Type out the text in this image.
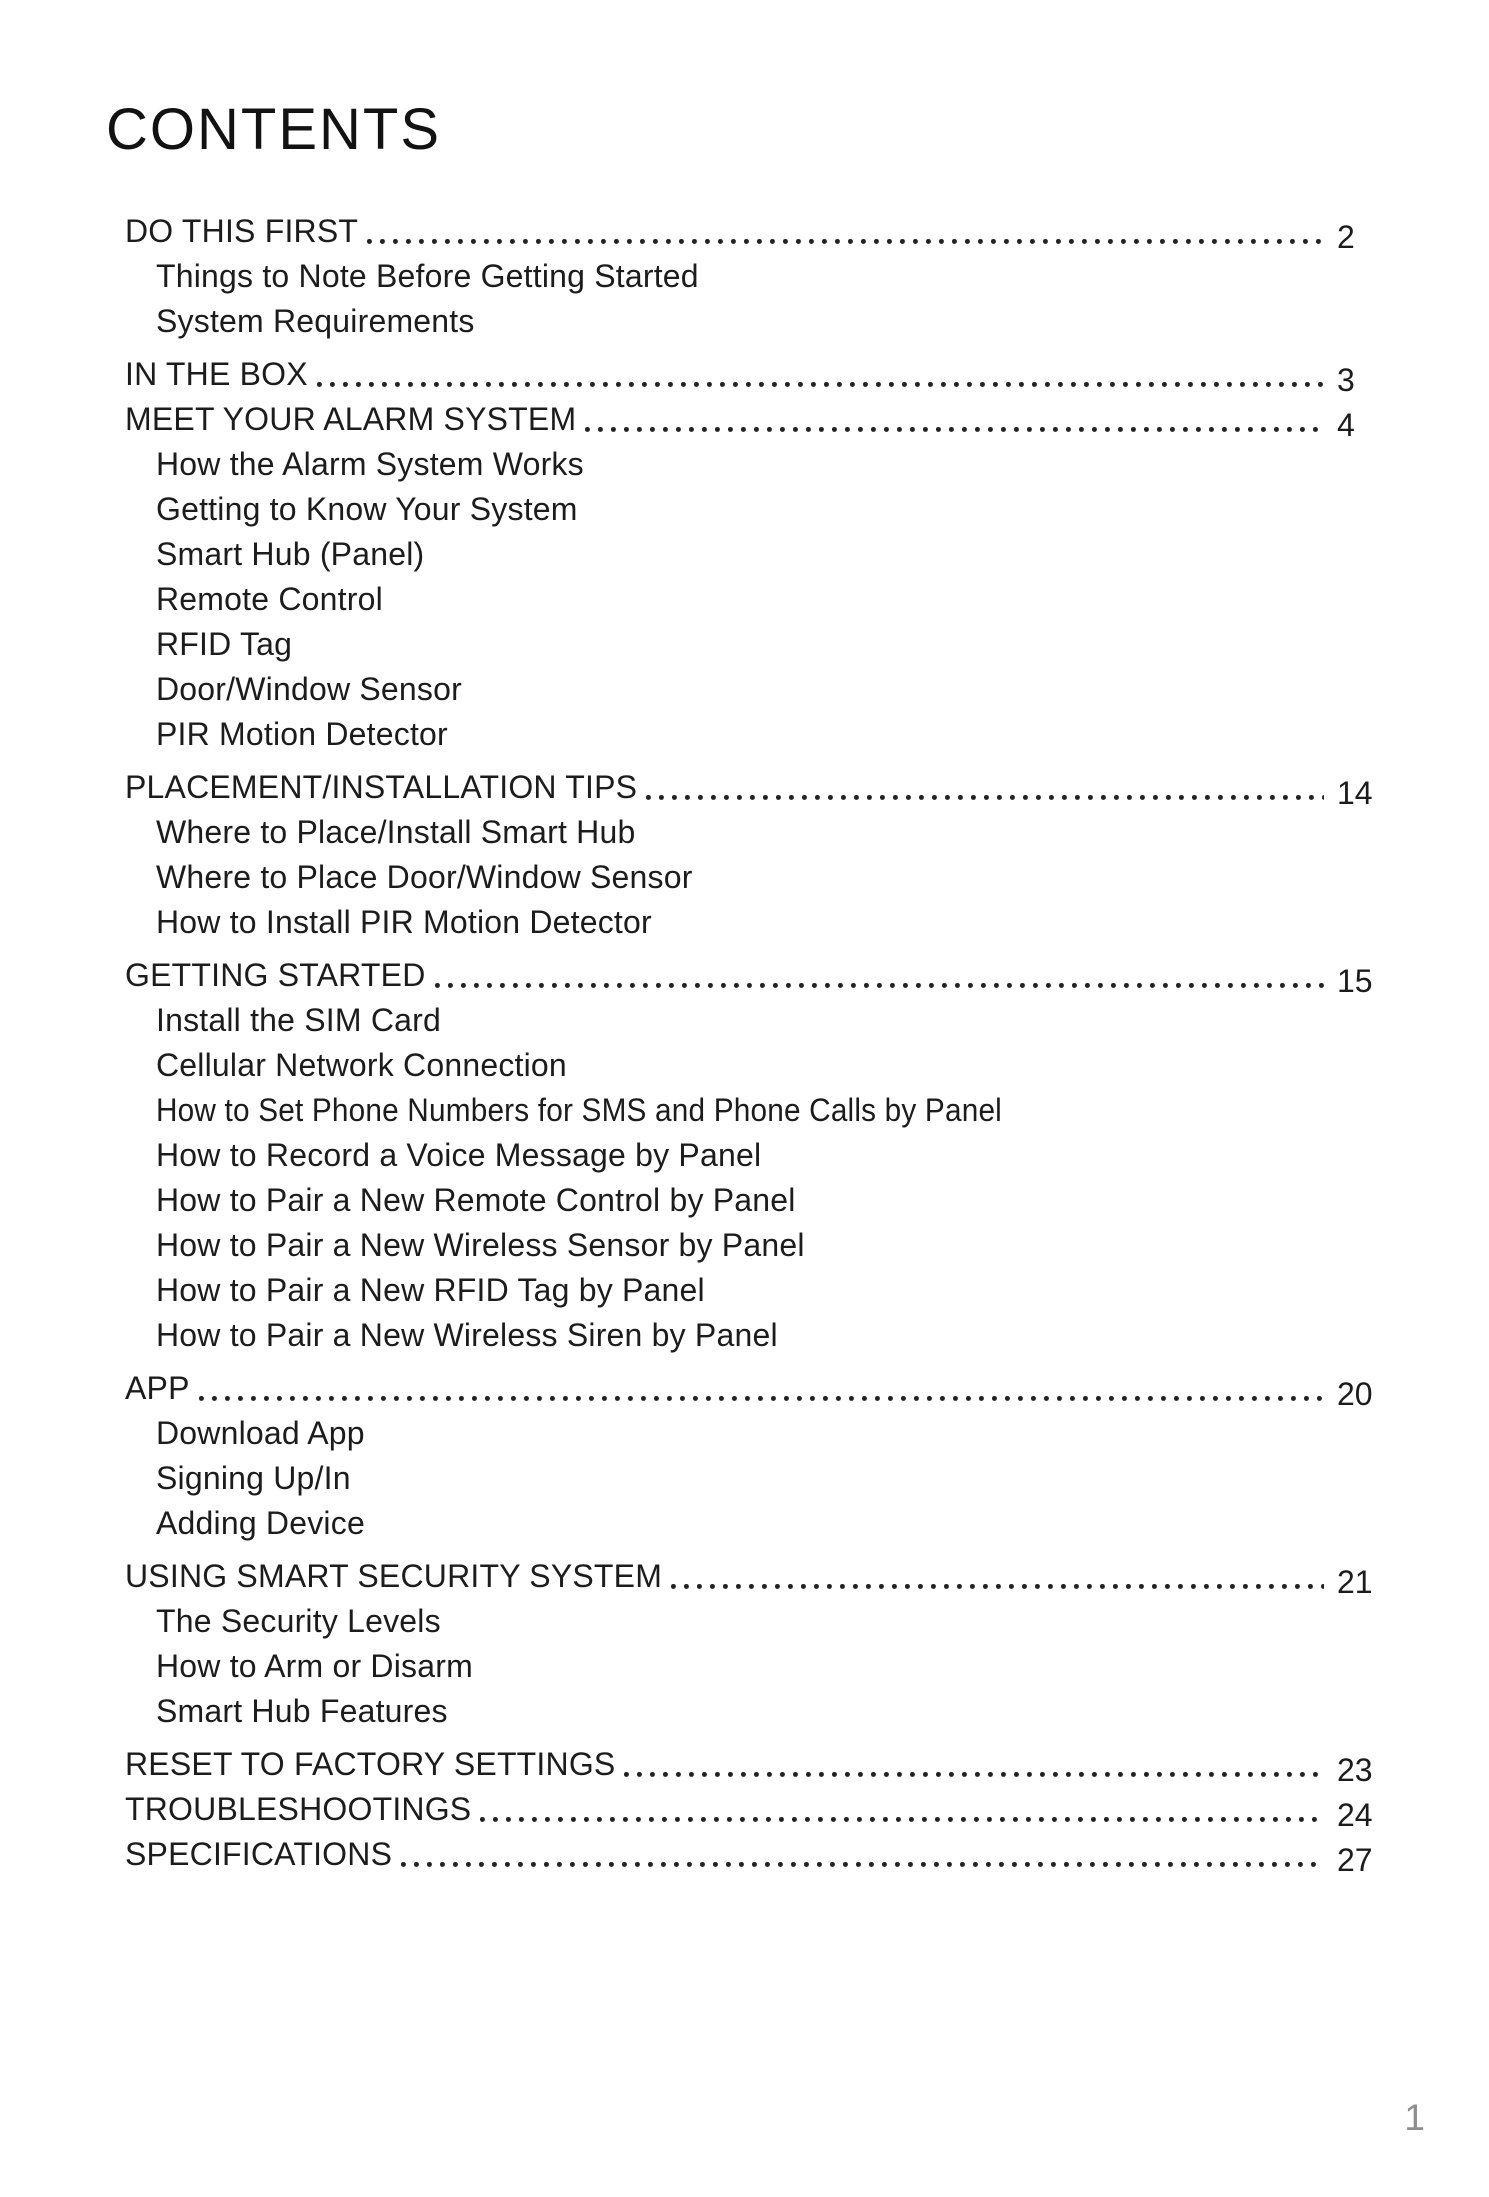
CONTENTS
DO THIS FIRST	2
Things to Note Before Getting Started
System Requirements
IN THE BOX	3
MEET YOUR ALARM SYSTEM	4
How the Alarm System Works
Getting to Know Your System
Smart Hub (Panel)
Remote Control
RFID Tag
Door/Window Sensor
PIR Motion Detector
PLACEMENT/INSTALLATION TIPS	14
Where to Place/Install Smart Hub
Where to Place Door/Window Sensor
How to Install PIR Motion Detector
GETTING STARTED	15
Install the SIM Card
Cellular Network Connection
How to Set Phone Numbers for SMS and Phone Calls by Panel
How to Record a Voice Message by Panel
How to Pair a New Remote Control by Panel
How to Pair a New Wireless Sensor by Panel
How to Pair a New RFID Tag by Panel
How to Pair a New Wireless Siren by Panel
APP	20
Download App
Signing Up/In
Adding Device
USING SMART SECURITY SYSTEM	21
The Security Levels
How to Arm or Disarm
Smart Hub Features
RESET TO FACTORY SETTINGS	23
TROUBLESHOOTINGS	24
SPECIFICATIONS	27
1
